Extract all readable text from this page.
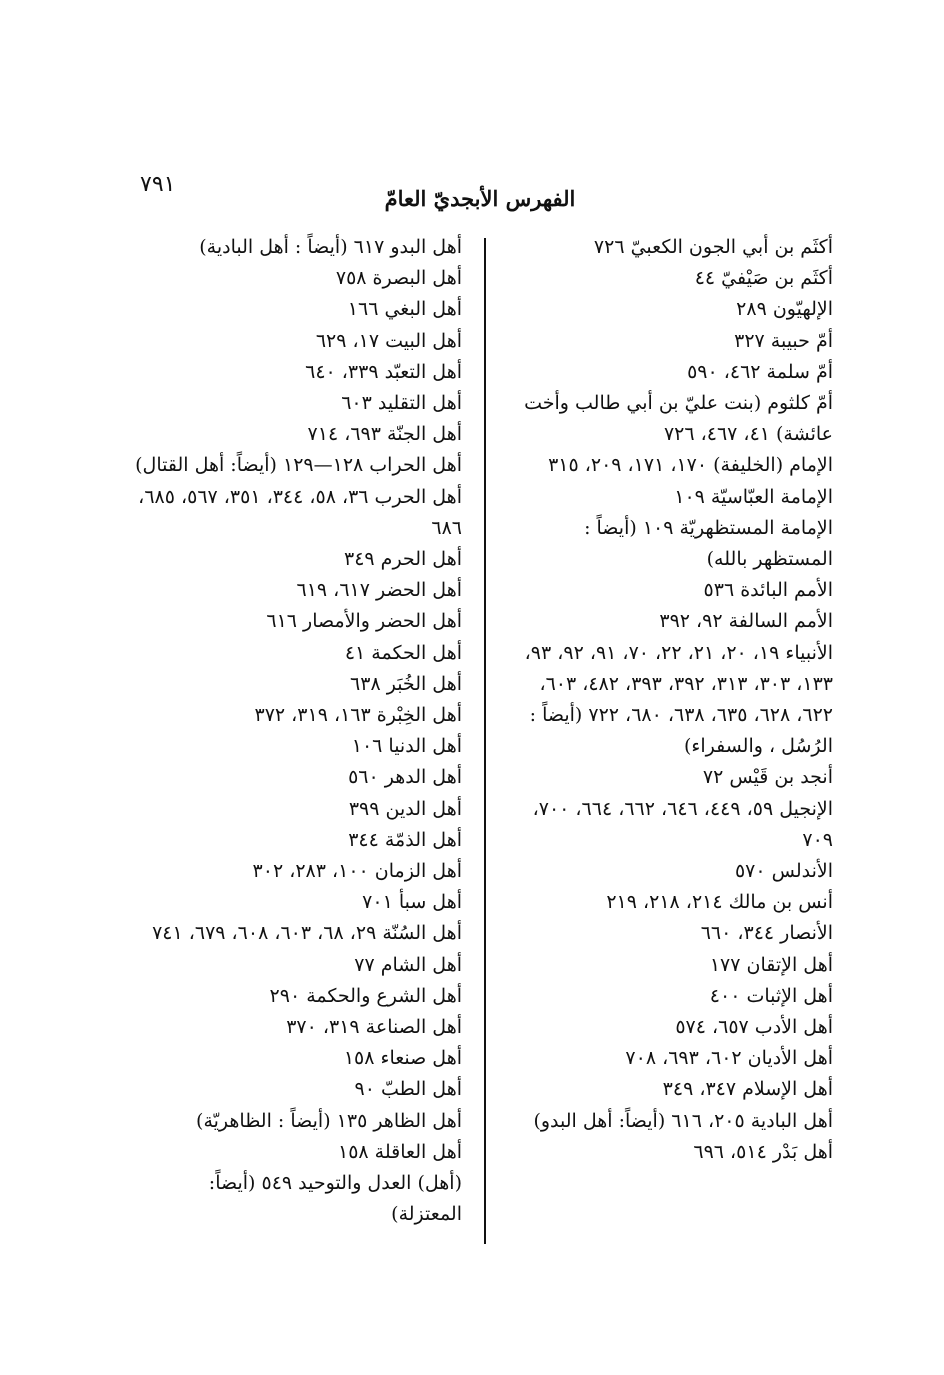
٧٩١
الفهرس الأبجديّ العامّ
أكثَم بن أبي الجون الكعبيّ ٧٢٦
أكثَم بن صَيْفيّ ٤٤
الإلهيّون ٢٨٩
أمّ حبيبة ٣٢٧
أمّ سلمة ٤٦٢، ٥٩٠
أمّ كلثوم (بنت عليّ بن أبي طالب وأخت عائشة) ٤١، ٤٦٧، ٧٢٦
الإمام (الخليفة) ١٧٠، ١٧١، ٢٠٩، ٣١٥
الإمامة العبّاسيّة ١٠٩
الإمامة المستظهريّة ١٠٩ (أيضاً : المستظهر بالله)
الأمم البائدة ٥٣٦
الأمم السالفة ٩٢، ٣٩٢
الأنبياء ١٩، ٢٠، ٢١، ٢٢، ٧٠، ٩١، ٩٢، ٩٣، ١٣٣، ٣٠٣، ٣١٣، ٣٩٢، ٣٩٣، ٤٨٢، ٦٠٣، ٦٢٢، ٦٢٨، ٦٣٥، ٦٣٨، ٦٨٠، ٧٢٢ (أيضاً : الرُسُل ، والسفراء)
أنجد بن قَيْس ٧٢
الإنجيل ٥٩، ٤٤٩، ٦٤٦، ٦٦٢، ٦٦٤، ٧٠٠، ٧٠٩
الأندلس ٥٧٠
أنس بن مالك ٢١٤، ٢١٨، ٢١٩
الأنصار ٣٤٤، ٦٦٠
أهل الإتقان ١٧٧
أهل الإثبات ٤٠٠
أهل الأدب ٦٥٧، ٥٧٤
أهل الأديان ٦٠٢، ٦٩٣، ٧٠٨
أهل الإسلام ٣٤٧، ٣٤٩
أهل البادية ٢٠٥، ٦١٦ (أيضاً: أهل البدو)
أهل بَدْر ٥١٤، ٦٩٦
أهل البدو ٦١٧ (أيضاً : أهل البادية)
أهل البصرة ٧٥٨
أهل البغي ١٦٦
أهل البيت ١٧، ٦٢٩
أهل التعبّد ٣٣٩، ٦٤٠
أهل التقليد ٦٠٣
أهل الجنّة ٦٩٣، ٧١٤
أهل الحراب ١٢٨—١٢٩ (أيضاً: أهل القتال)
أهل الحرب ٣٦، ٥٨، ٣٤٤، ٣٥١، ٥٦٧، ٦٨٥، ٦٨٦
أهل الحرم ٣٤٩
أهل الحضر ٦١٧، ٦١٩
أهل الحضر والأمصار ٦١٦
أهل الحكمة ٤١
أهل الخُبَر ٦٣٨
أهل الخِبْرة ١٦٣، ٣١٩، ٣٧٢
أهل الدنيا ١٠٦
أهل الدهر ٥٦٠
أهل الدين ٣٩٩
أهل الذمّة ٣٤٤
أهل الزمان ١٠٠، ٢٨٣، ٣٠٢
أهل سبأ ٧٠١
أهل السُنّة ٢٩، ٦٨، ٦٠٣، ٦٠٨، ٦٧٩، ٧٤١
أهل الشام ٧٧
أهل الشرع والحكمة ٢٩٠
أهل الصناعة ٣١٩، ٣٧٠
أهل صنعاء ١٥٨
أهل الطبّ ٩٠
أهل الظاهر ١٣٥ (أيضاً : الظاهريّة)
أهل العاقلة ١٥٨
(أهل) العدل والتوحيد ٥٤٩ (أيضاً: المعتزلة)
